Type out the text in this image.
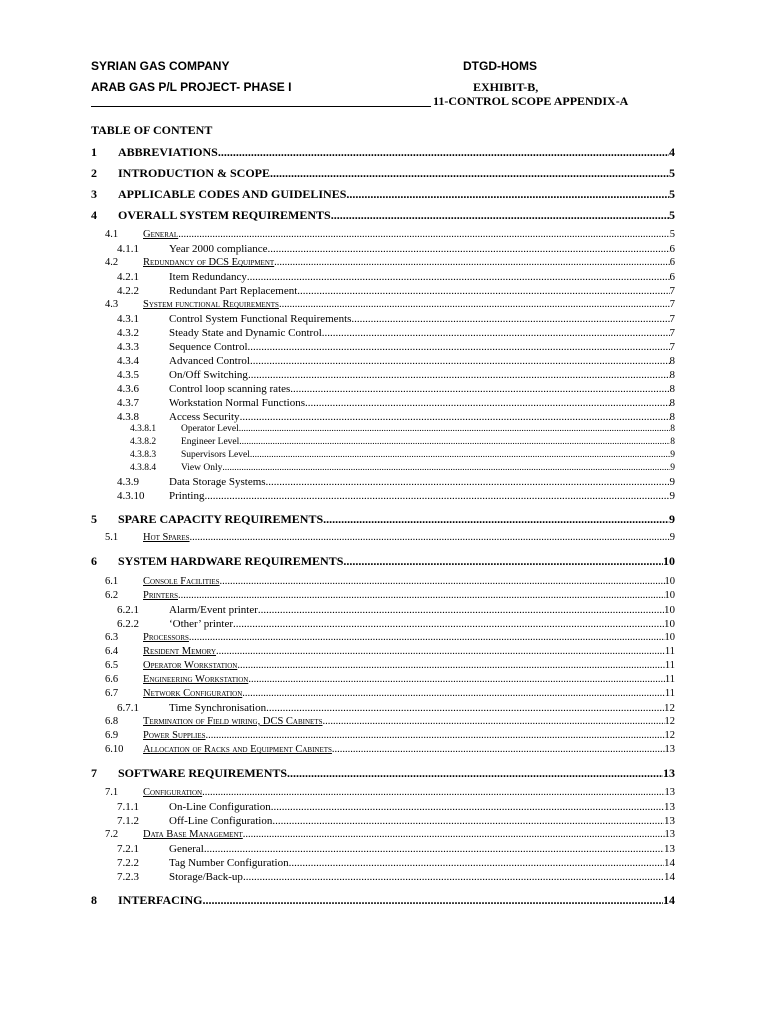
SYRIAN GAS COMPANY
ARAB GAS P/L PROJECT- PHASE I
DTGD-HOMS
EXHIBIT-B,
11-CONTROL SCOPE APPENDIX-A
TABLE OF CONTENT
1	ABBREVIATIONS .....	4
2	INTRODUCTION & SCOPE .....	5
3	APPLICABLE CODES AND GUIDELINES .....	5
4	OVERALL SYSTEM REQUIREMENTS .....	5
4.1	General .....	5
4.1.1	Year 2000 compliance .....	6
4.2	Redundancy of DCS Equipment .....	6
4.2.1	Item Redundancy .....	6
4.2.2	Redundant Part Replacement .....	7
4.3	System functional Requirements .....	7
4.3.1	Control System Functional Requirements .....	7
4.3.2	Steady State and Dynamic Control .....	7
4.3.3	Sequence Control .....	7
4.3.4	Advanced Control .....	8
4.3.5	On/Off Switching .....	8
4.3.6	Control loop scanning rates .....	8
4.3.7	Workstation Normal Functions .....	8
4.3.8	Access Security .....	8
4.3.8.1	Operator Level .....	8
4.3.8.2	Engineer Level .....	8
4.3.8.3	Supervisors Level .....	9
4.3.8.4	View Only .....	9
4.3.9	Data Storage Systems .....	9
4.3.10	Printing .....	9
5	SPARE CAPACITY REQUIREMENTS .....	9
5.1	Hot Spares .....	9
6	SYSTEM HARDWARE REQUIREMENTS .....	10
6.1	Console Facilities .....	10
6.2	Printers .....	10
6.2.1	Alarm/Event printer .....	10
6.2.2	‘Other’ printer .....	10
6.3	Processors .....	10
6.4	Resident Memory .....	11
6.5	Operator Workstation .....	11
6.6	Engineering Workstation .....	11
6.7	Network Configuration .....	11
6.7.1	Time Synchronisation .....	12
6.8	Termination of Field wiring, DCS Cabinets .....	12
6.9	Power Supplies .....	12
6.10	Allocation of Racks and Equipment Cabinets .....	13
7	SOFTWARE REQUIREMENTS .....	13
7.1	Configuration .....	13
7.1.1	On-Line Configuration .....	13
7.1.2	Off-Line Configuration .....	13
7.2	Data Base Management .....	13
7.2.1	General .....	13
7.2.2	Tag Number Configuration .....	14
7.2.3	Storage/Back-up .....	14
8	INTERFACING .....	14
